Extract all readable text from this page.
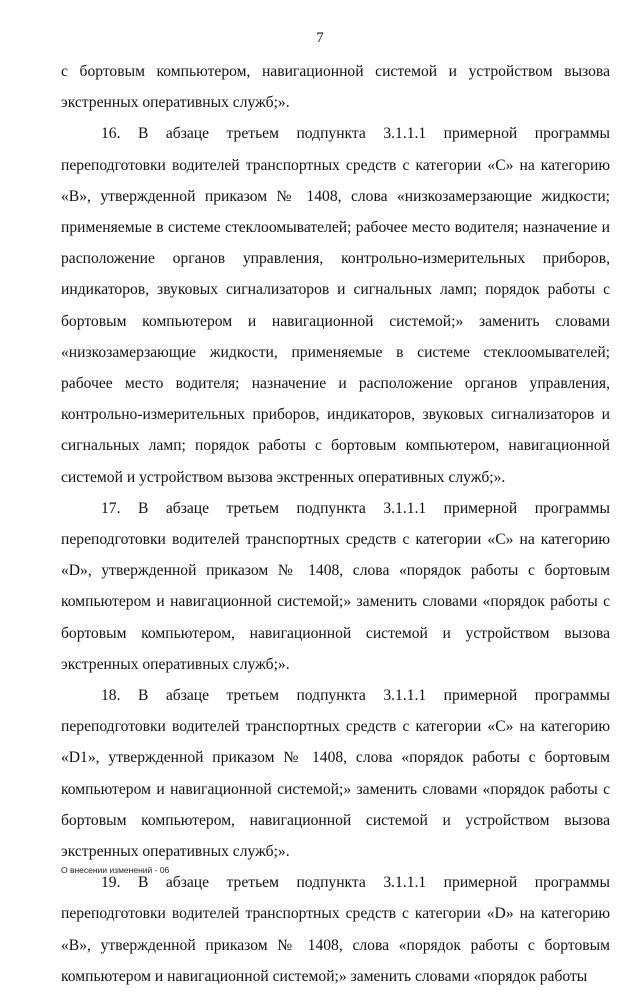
7

с бортовым компьютером, навигационной системой и устройством вызова экстренных оперативных служб;».

16. В абзаце третьем подпункта 3.1.1.1 примерной программы переподготовки водителей транспортных средств с категории «С» на категорию «В», утвержденной приказом № 1408, слова «низкозамерзающие жидкости; применяемые в системе стеклоомывателей; рабочее место водителя; назначение и расположение органов управления, контрольно-измерительных приборов, индикаторов, звуковых сигнализаторов и сигнальных ламп; порядок работы с бортовым компьютером и навигационной системой;» заменить словами «низкозамерзающие жидкости, применяемые в системе стеклоомывателей; рабочее место водителя; назначение и расположение органов управления, контрольно-измерительных приборов, индикаторов, звуковых сигнализаторов и сигнальных ламп; порядок работы с бортовым компьютером, навигационной системой и устройством вызова экстренных оперативных служб;».

17. В абзаце третьем подпункта 3.1.1.1 примерной программы переподготовки водителей транспортных средств с категории «С» на категорию «D», утвержденной приказом № 1408, слова «порядок работы с бортовым компьютером и навигационной системой;» заменить словами «порядок работы с бортовым компьютером, навигационной системой и устройством вызова экстренных оперативных служб;».

18. В абзаце третьем подпункта 3.1.1.1 примерной программы переподготовки водителей транспортных средств с категории «С» на категорию «D1», утвержденной приказом № 1408, слова «порядок работы с бортовым компьютером и навигационной системой;» заменить словами «порядок работы с бортовым компьютером, навигационной системой и устройством вызова экстренных оперативных служб;».

19. В абзаце третьем подпункта 3.1.1.1 примерной программы переподготовки водителей транспортных средств с категории «D» на категорию «В», утвержденной приказом № 1408, слова «порядок работы с бортовым компьютером и навигационной системой;» заменить словами «порядок работы

О внесении изменений - 06
